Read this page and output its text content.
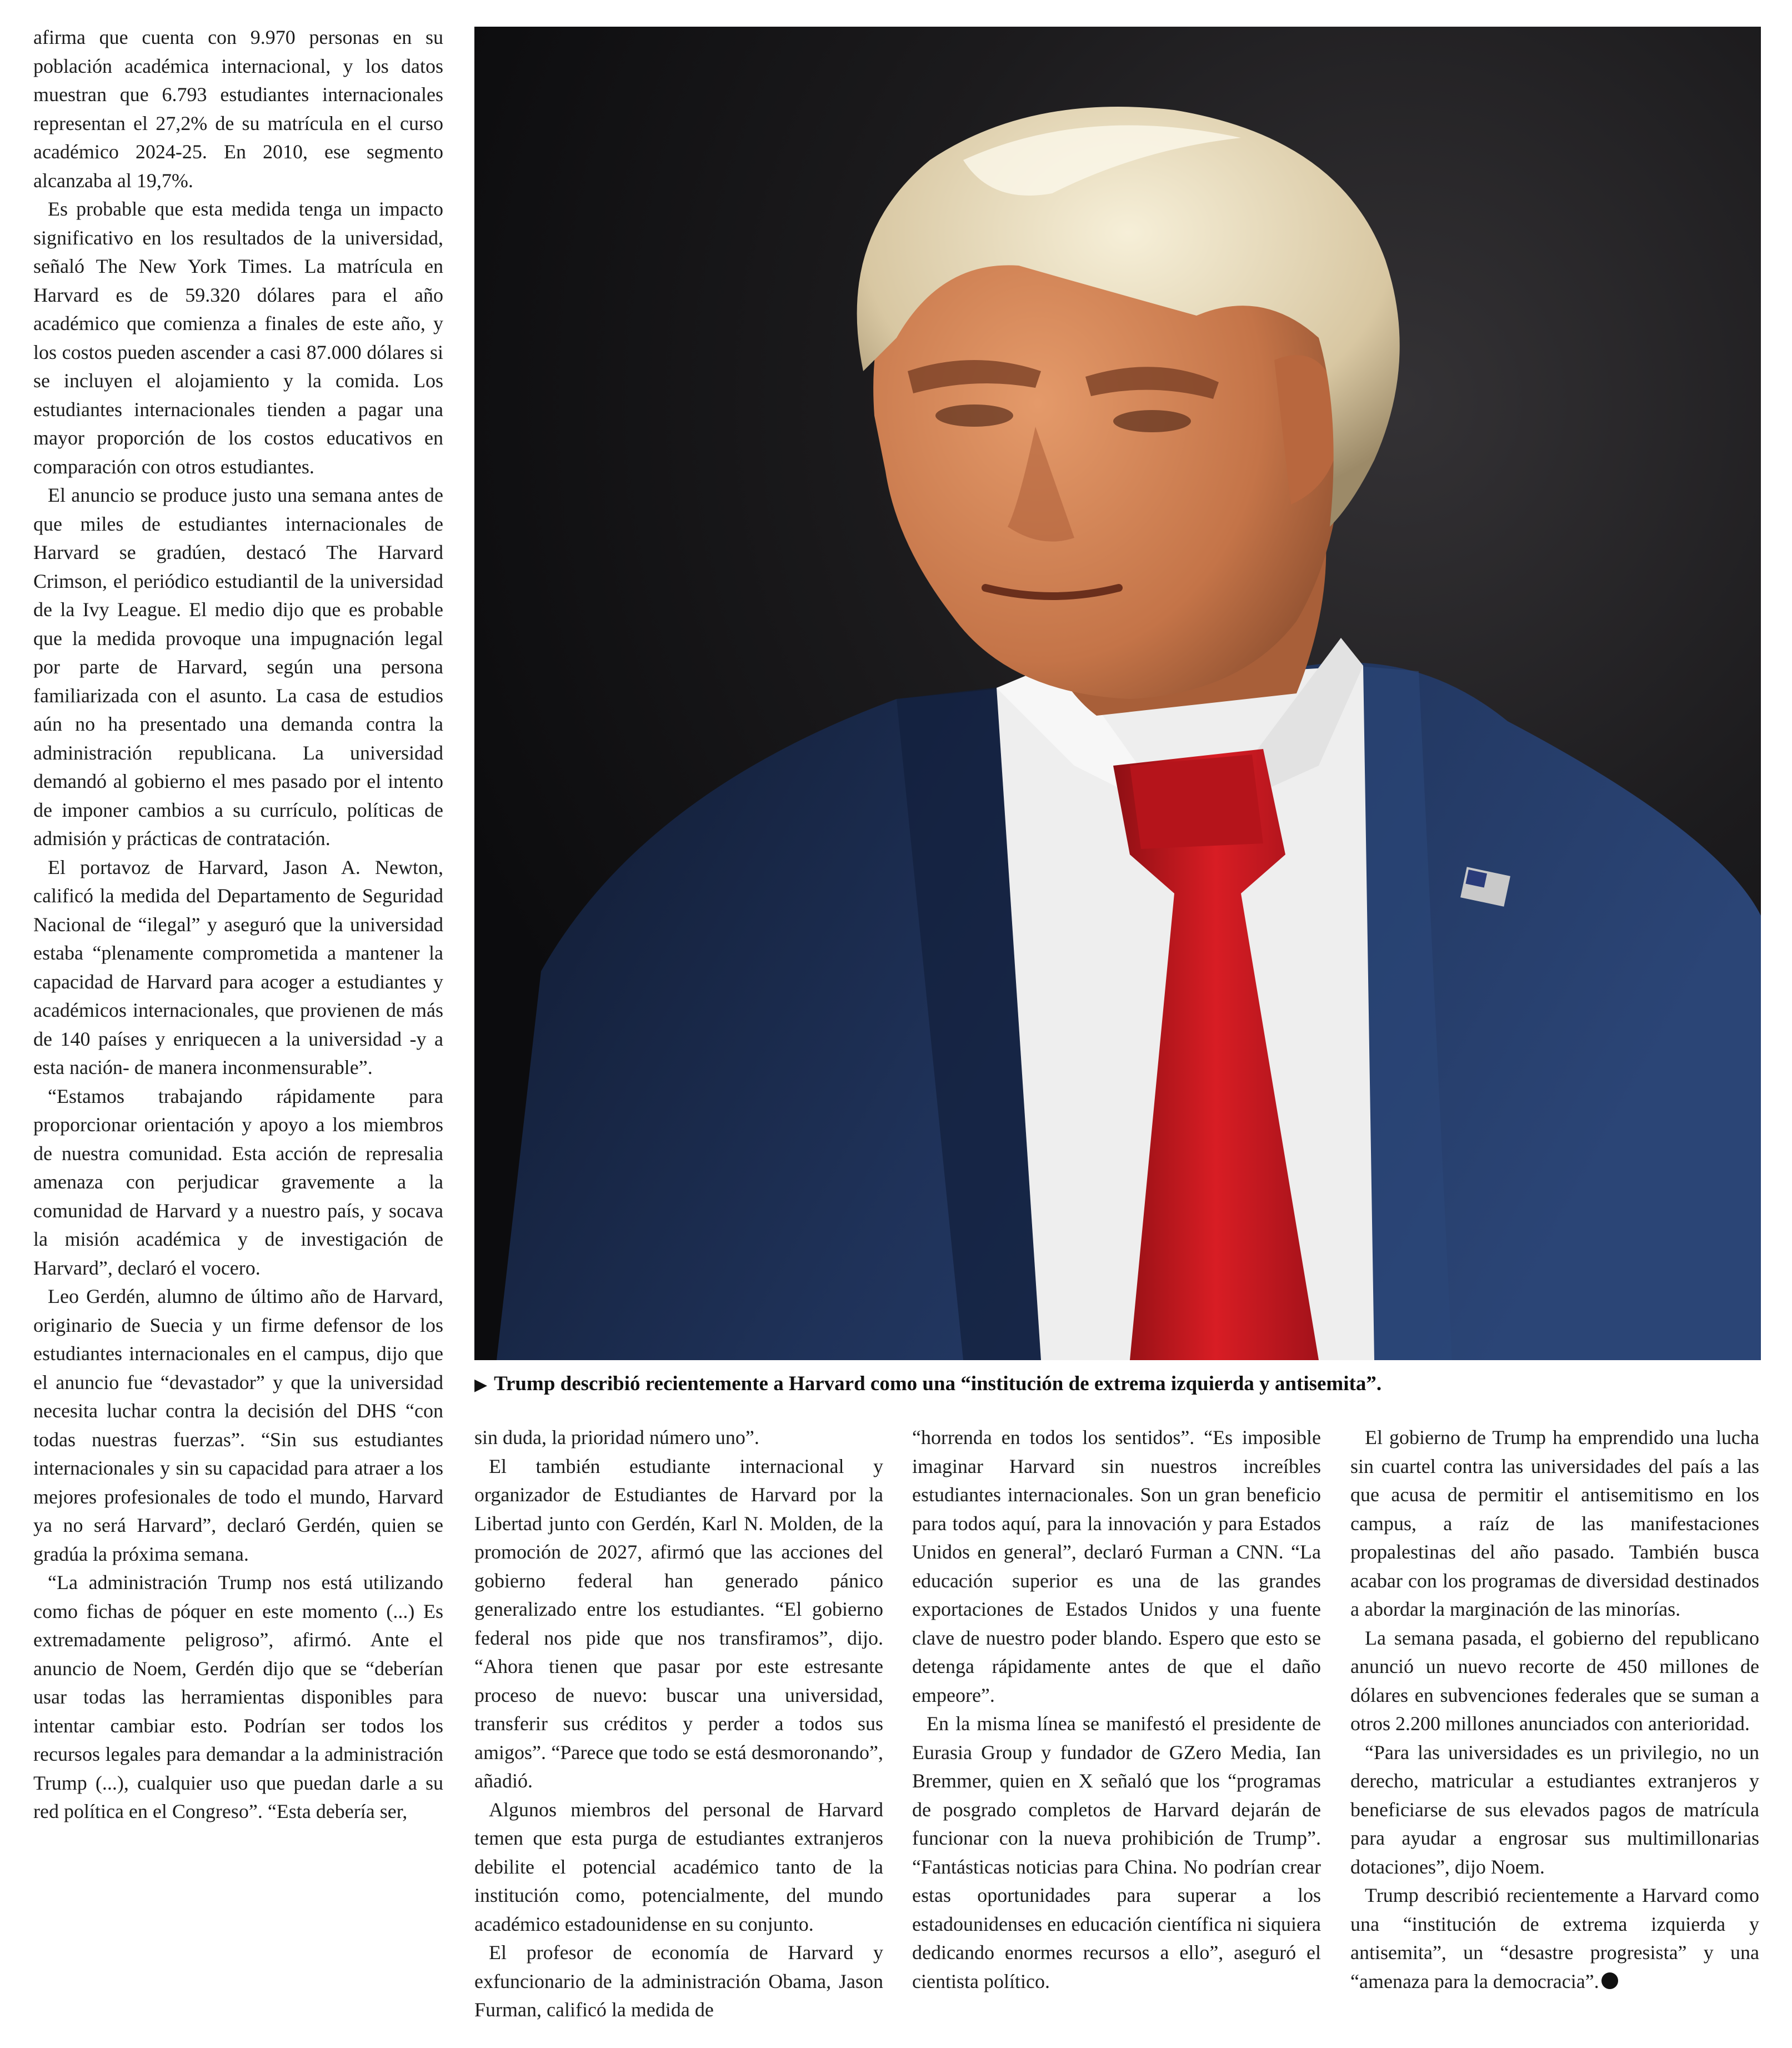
afirma que cuenta con 9.970 personas en su población académica internacional, y los datos muestran que 6.793 estudiantes internacionales representan el 27,2% de su matrícula en el curso académico 2024-25. En 2010, ese segmento alcanzaba al 19,7%.

Es probable que esta medida tenga un impacto significativo en los resultados de la universidad, señaló The New York Times. La matrícula en Harvard es de 59.320 dólares para el año académico que comienza a finales de este año, y los costos pueden ascender a casi 87.000 dólares si se incluyen el alojamiento y la comida. Los estudiantes internacionales tienden a pagar una mayor proporción de los costos educativos en comparación con otros estudiantes.

El anuncio se produce justo una semana antes de que miles de estudiantes internacionales de Harvard se gradúen, destacó The Harvard Crimson, el periódico estudiantil de la universidad de la Ivy League. El medio dijo que es probable que la medida provoque una impugnación legal por parte de Harvard, según una persona familiarizada con el asunto. La casa de estudios aún no ha presentado una demanda contra la administración republicana. La universidad demandó al gobierno el mes pasado por el intento de imponer cambios a su currículo, políticas de admisión y prácticas de contratación.

El portavoz de Harvard, Jason A. Newton, calificó la medida del Departamento de Seguridad Nacional de “ilegal” y aseguró que la universidad estaba “plenamente comprometida a mantener la capacidad de Harvard para acoger a estudiantes y académicos internacionales, que provienen de más de 140 países y enriquecen a la universidad -y a esta nación- de manera inconmensurable”.

“Estamos trabajando rápidamente para proporcionar orientación y apoyo a los miembros de nuestra comunidad. Esta acción de represalia amenaza con perjudicar gravemente a la comunidad de Harvard y a nuestro país, y socava la misión académica y de investigación de Harvard”, declaró el vocero.

Leo Gerdén, alumno de último año de Harvard, originario de Suecia y un firme defensor de los estudiantes internacionales en el campus, dijo que el anuncio fue “devastador” y que la universidad necesita luchar contra la decisión del DHS “con todas nuestras fuerzas”. “Sin sus estudiantes internacionales y sin su capacidad para atraer a los mejores profesionales de todo el mundo, Harvard ya no será Harvard”, declaró Gerdén, quien se gradúa la próxima semana.

“La administración Trump nos está utilizando como fichas de póquer en este momento (...) Es extremadamente peligroso”, afirmó. Ante el anuncio de Noem, Gerdén dijo que se “deberían usar todas las herramientas disponibles para intentar cambiar esto. Podrían ser todos los recursos legales para demandar a la administración Trump (...), cualquier uso que puedan darle a su red política en el Congreso”. “Esta debería ser,

▶ Trump describió recientemente a Harvard como una “institución de extrema izquierda y antisemita”.

sin duda, la prioridad número uno”.

El también estudiante internacional y organizador de Estudiantes de Harvard por la Libertad junto con Gerdén, Karl N. Molden, de la promoción de 2027, afirmó que las acciones del gobierno federal han generado pánico generalizado entre los estudiantes. “El gobierno federal nos pide que nos transfiramos”, dijo. “Ahora tienen que pasar por este estresante proceso de nuevo: buscar una universidad, transferir sus créditos y perder a todos sus amigos”. “Parece que todo se está desmoronando”, añadió.

Algunos miembros del personal de Harvard temen que esta purga de estudiantes extranjeros debilite el potencial académico tanto de la institución como, potencialmente, del mundo académico estadounidense en su conjunto.

El profesor de economía de Harvard y exfuncionario de la administración Obama, Jason Furman, calificó la medida de

“horrenda en todos los sentidos”. “Es imposible imaginar Harvard sin nuestros increíbles estudiantes internacionales. Son un gran beneficio para todos aquí, para la innovación y para Estados Unidos en general”, declaró Furman a CNN. “La educación superior es una de las grandes exportaciones de Estados Unidos y una fuente clave de nuestro poder blando. Espero que esto se detenga rápidamente antes de que el daño empeore”.

En la misma línea se manifestó el presidente de Eurasia Group y fundador de GZero Media, Ian Bremmer, quien en X señaló que los “programas de posgrado completos de Harvard dejarán de funcionar con la nueva prohibición de Trump”. “Fantásticas noticias para China. No podrían crear estas oportunidades para superar a los estadounidenses en educación científica ni siquiera dedicando enormes recursos a ello”, aseguró el cientista político.

El gobierno de Trump ha emprendido una lucha sin cuartel contra las universidades del país a las que acusa de permitir el antisemitismo en los campus, a raíz de las manifestaciones propalestinas del año pasado. También busca acabar con los programas de diversidad destinados a abordar la marginación de las minorías.

La semana pasada, el gobierno del republicano anunció un nuevo recorte de 450 millones de dólares en subvenciones federales que se suman a otros 2.200 millones anunciados con anterioridad.

“Para las universidades es un privilegio, no un derecho, matricular a estudiantes extranjeros y beneficiarse de sus elevados pagos de matrícula para ayudar a engrosar sus multimillonarias dotaciones”, dijo Noem.

Trump describió recientemente a Harvard como una “institución de extrema izquierda y antisemita”, un “desastre progresista” y una “amenaza para la democracia”.
